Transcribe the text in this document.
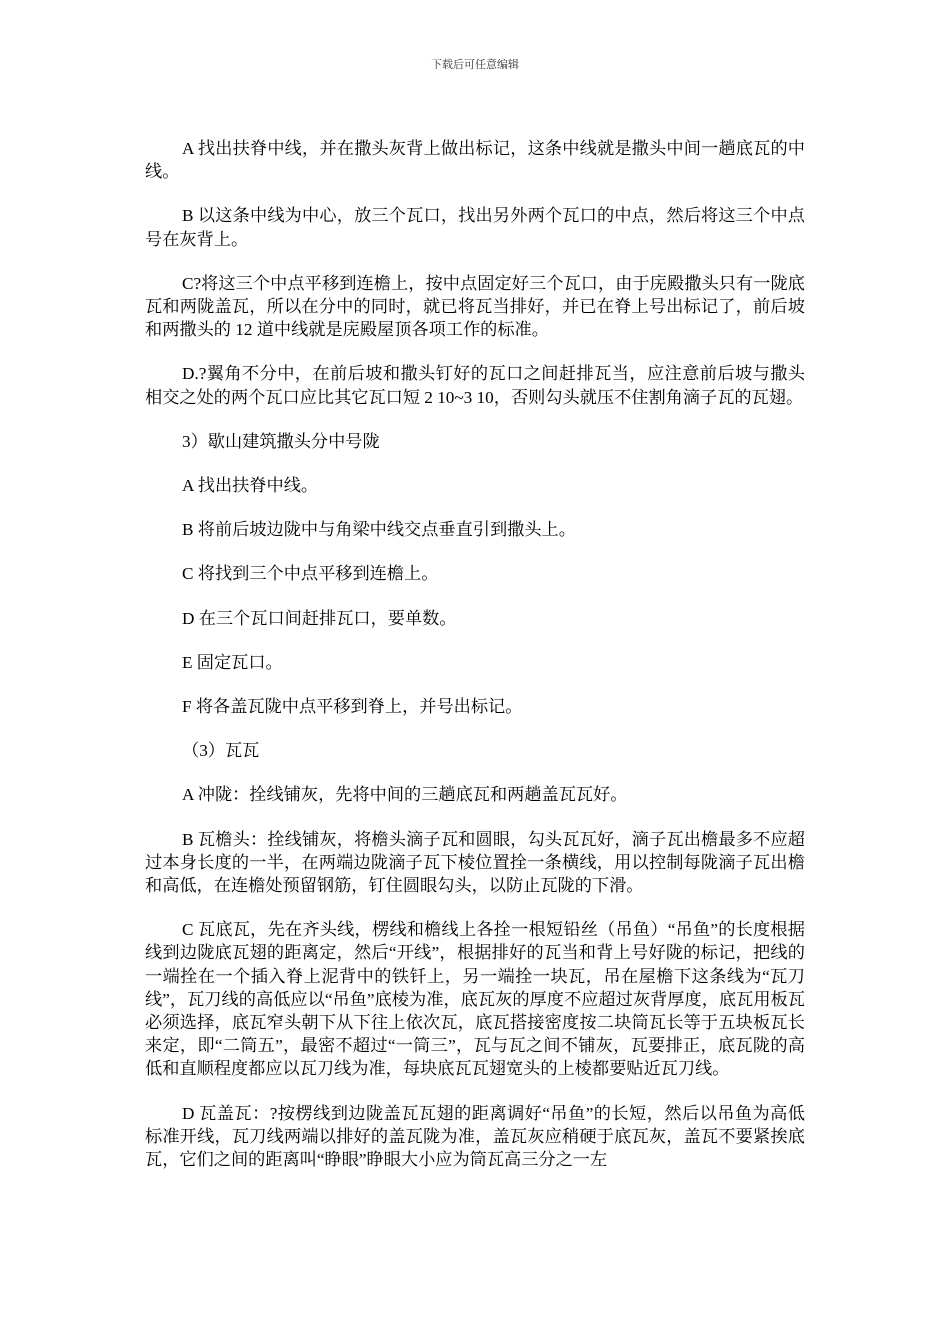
下载后可任意编辑

A 找出扶脊中线，并在撒头灰背上做出标记，这条中线就是撒头中间一趟底瓦的中线。

B 以这条中线为中心，放三个瓦口，找出另外两个瓦口的中点，然后将这三个中点号在灰背上。

C?将这三个中点平移到连檐上，按中点固定好三个瓦口，由于庑殿撒头只有一陇底瓦和两陇盖瓦，所以在分中的同时，就已将瓦当排好，并已在脊上号出标记了，前后坡和两撒头的 12 道中线就是庑殿屋顶各项工作的标准。

D.?翼角不分中，在前后坡和撒头钉好的瓦口之间赶排瓦当，应注意前后坡与撒头相交之处的两个瓦口应比其它瓦口短 2 10~3 10，否则勾头就压不住割角滴子瓦的瓦翅。

3）歇山建筑撒头分中号陇

A 找出扶脊中线。

B 将前后坡边陇中与角梁中线交点垂直引到撒头上。

C 将找到三个中点平移到连檐上。

D 在三个瓦口间赶排瓦口，要单数。

E 固定瓦口。

F 将各盖瓦陇中点平移到脊上，并号出标记。

（3）瓦瓦

A 冲陇：拴线铺灰，先将中间的三趟底瓦和两趟盖瓦瓦好。

B 瓦檐头：拴线铺灰，将檐头滴子瓦和圆眼，勾头瓦瓦好，滴子瓦出檐最多不应超过本身长度的一半，在两端边陇滴子瓦下棱位置拴一条横线，用以控制每陇滴子瓦出檐和高低，在连檐处预留钢筋，钉住圆眼勾头，以防止瓦陇的下滑。

C 瓦底瓦，先在齐头线，楞线和檐线上各拴一根短铅丝（吊鱼）“吊鱼”的长度根据线到边陇底瓦翅的距离定，然后“开线”，根据排好的瓦当和背上号好陇的标记，把线的一端拴在一个插入脊上泥背中的铁钎上，另一端拴一块瓦，吊在屋檐下这条线为“瓦刀线”，瓦刀线的高低应以“吊鱼”底棱为准，底瓦灰的厚度不应超过灰背厚度，底瓦用板瓦必须选择，底瓦窄头朝下从下往上依次瓦，底瓦搭接密度按二块筒瓦长等于五块板瓦长来定，即“二筒五”，最密不超过“一筒三”，瓦与瓦之间不铺灰，瓦要排正，底瓦陇的高低和直顺程度都应以瓦刀线为准，每块底瓦瓦翅宽头的上棱都要贴近瓦刀线。

D 瓦盖瓦：?按楞线到边陇盖瓦瓦翅的距离调好“吊鱼”的长短，然后以吊鱼为高低标准开线，瓦刀线两端以排好的盖瓦陇为准，盖瓦灰应稍硬于底瓦灰，盖瓦不要紧挨底瓦，它们之间的距离叫“睁眼”睁眼大小应为筒瓦高三分之一左
